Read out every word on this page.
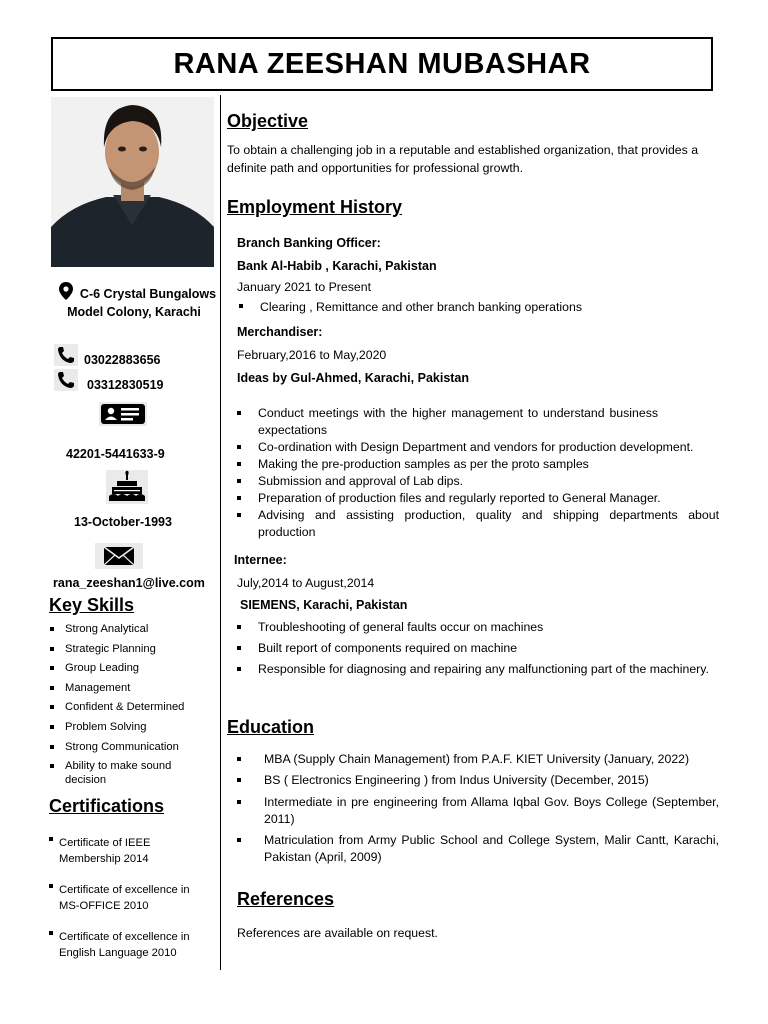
RANA ZEESHAN MUBASHAR
C-6 Crystal Bungalows
Model Colony, Karachi
03022883656
03312830519
42201-5441633-9
13-October-1993
rana_zeeshan1@live.com
Key Skills
Strong Analytical
Strategic Planning
Group Leading
Management
Confident & Determined
Problem Solving
Strong Communication
Ability to make sound decision
Certifications
Certificate of IEEE Membership 2014
Certificate of excellence in MS-OFFICE 2010
Certificate of excellence in English Language 2010
Objective
To obtain a challenging job in a reputable and established organization, that provides a definite path and opportunities for professional growth.
Employment History
Branch Banking Officer:
Bank Al-Habib , Karachi, Pakistan
January 2021 to Present
Clearing , Remittance and other branch banking operations
Merchandiser:
February,2016 to May,2020
Ideas by Gul-Ahmed, Karachi, Pakistan
Conduct meetings with the higher management to understand business expectations
Co-ordination with Design Department and vendors for production development.
Making the pre-production samples as per the proto samples
Submission and approval of Lab dips.
Preparation of production files and regularly reported to General Manager.
Advising and assisting production, quality and shipping departments about production
Internee:
July,2014 to August,2014
SIEMENS, Karachi, Pakistan
Troubleshooting of general faults occur on machines
Built report of components required on machine
Responsible for diagnosing and repairing any malfunctioning part of the machinery.
Education
MBA (Supply Chain Management) from P.A.F. KIET University (January, 2022)
BS ( Electronics Engineering ) from Indus University (December, 2015)
Intermediate in pre engineering from Allama Iqbal Gov. Boys College (September, 2011)
Matriculation from Army Public School and College System, Malir Cantt, Karachi, Pakistan (April, 2009)
References
References are available on request.
